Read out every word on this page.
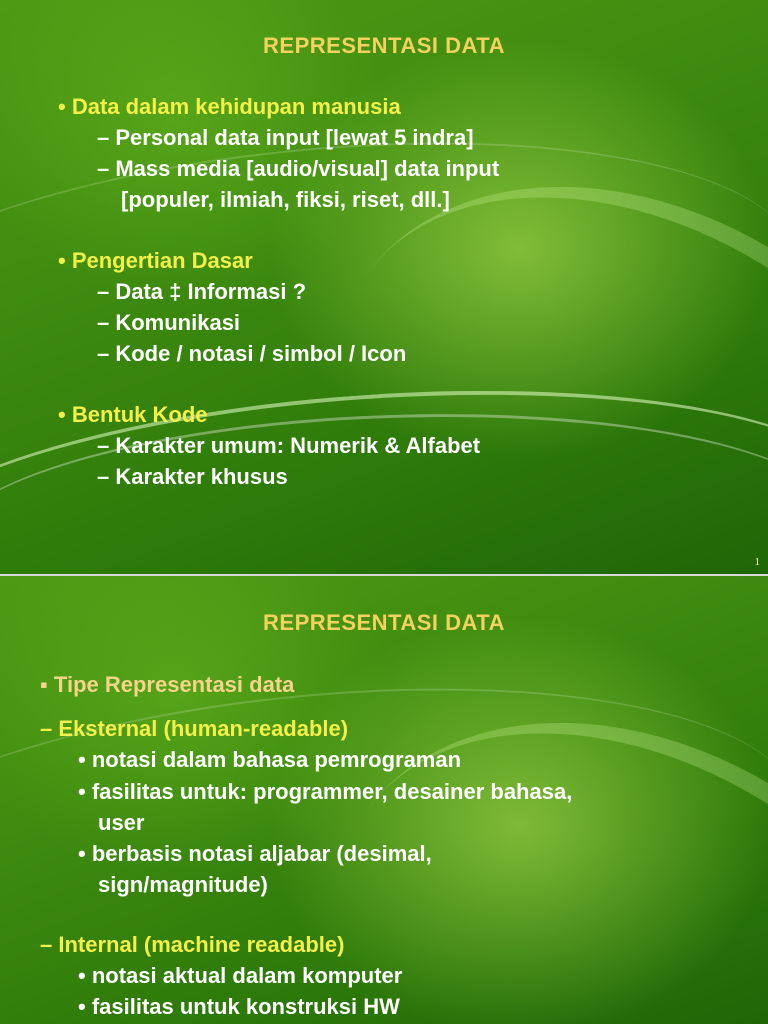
REPRESENTASI DATA
• Data dalam kehidupan manusia
– Personal data input [lewat 5 indra]
– Mass media [audio/visual] data input
[populer, ilmiah, fiksi, riset, dll.]
• Pengertian Dasar
– Data ‡ Informasi ?
– Komunikasi
– Kode / notasi / simbol / Icon
• Bentuk Kode
– Karakter umum: Numerik & Alfabet
– Karakter khusus
1
REPRESENTASI DATA
▪ Tipe Representasi data
– Eksternal (human-readable)
• notasi dalam bahasa pemrograman
• fasilitas untuk: programmer, desainer bahasa,
user
• berbasis notasi aljabar (desimal,
sign/magnitude)
– Internal (machine readable)
• notasi aktual dalam komputer
• fasilitas untuk konstruksi HW
